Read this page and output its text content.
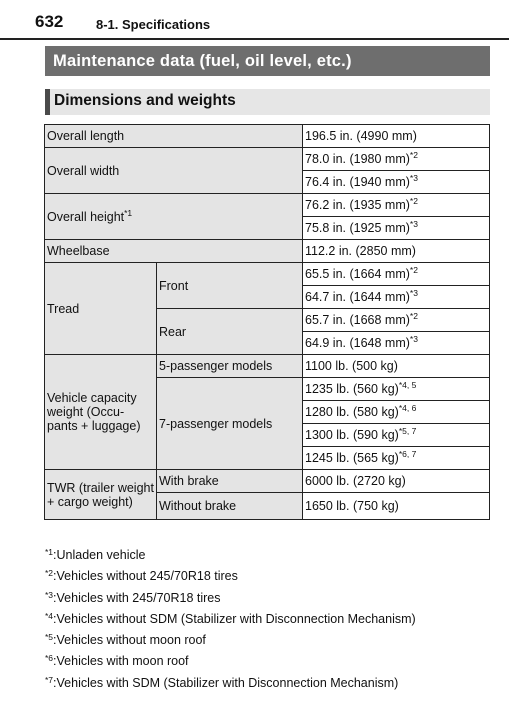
632	8-1. Specifications
Maintenance data (fuel, oil level, etc.)
Dimensions and weights
Overall length		196.5 in. (4990 mm)
Overall width		78.0 in. (1980 mm)$^{*2}$
		76.4 in. (1940 mm)$^{*3}$
Overall height$^{*1}$		76.2 in. (1935 mm)$^{*2}$
		75.8 in. (1925 mm)$^{*3}$
Wheelbase		112.2 in. (2850 mm)
Tread	Front	65.5 in. (1664 mm)$^{*2}$
		64.7 in. (1644 mm)$^{*3}$
	Rear	65.7 in. (1668 mm)$^{*2}$
		64.9 in. (1648 mm)$^{*3}$
Vehicle capacity weight (Occu-pants + luggage)	5-passenger models	1100 lb. (500 kg)
	7-passenger models	1235 lb. (560 kg)$^{*4, 5}$
		1280 lb. (580 kg)$^{*4, 6}$
		1300 lb. (590 kg)$^{*5, 7}$
		1245 lb. (565 kg)$^{*6, 7}$
TWR (trailer weight + cargo weight)	With brake	6000 lb. (2720 kg)
	Without brake	1650 lb. (750 kg)
$^{*1}$:Unladen vehicle
$^{*2}$:Vehicles without 245/70R18 tires
$^{*3}$:Vehicles with 245/70R18 tires
$^{*4}$:Vehicles without SDM (Stabilizer with Disconnection Mechanism)
$^{*5}$:Vehicles without moon roof
$^{*6}$:Vehicles with moon roof
$^{*7}$:Vehicles with SDM (Stabilizer with Disconnection Mechanism)
